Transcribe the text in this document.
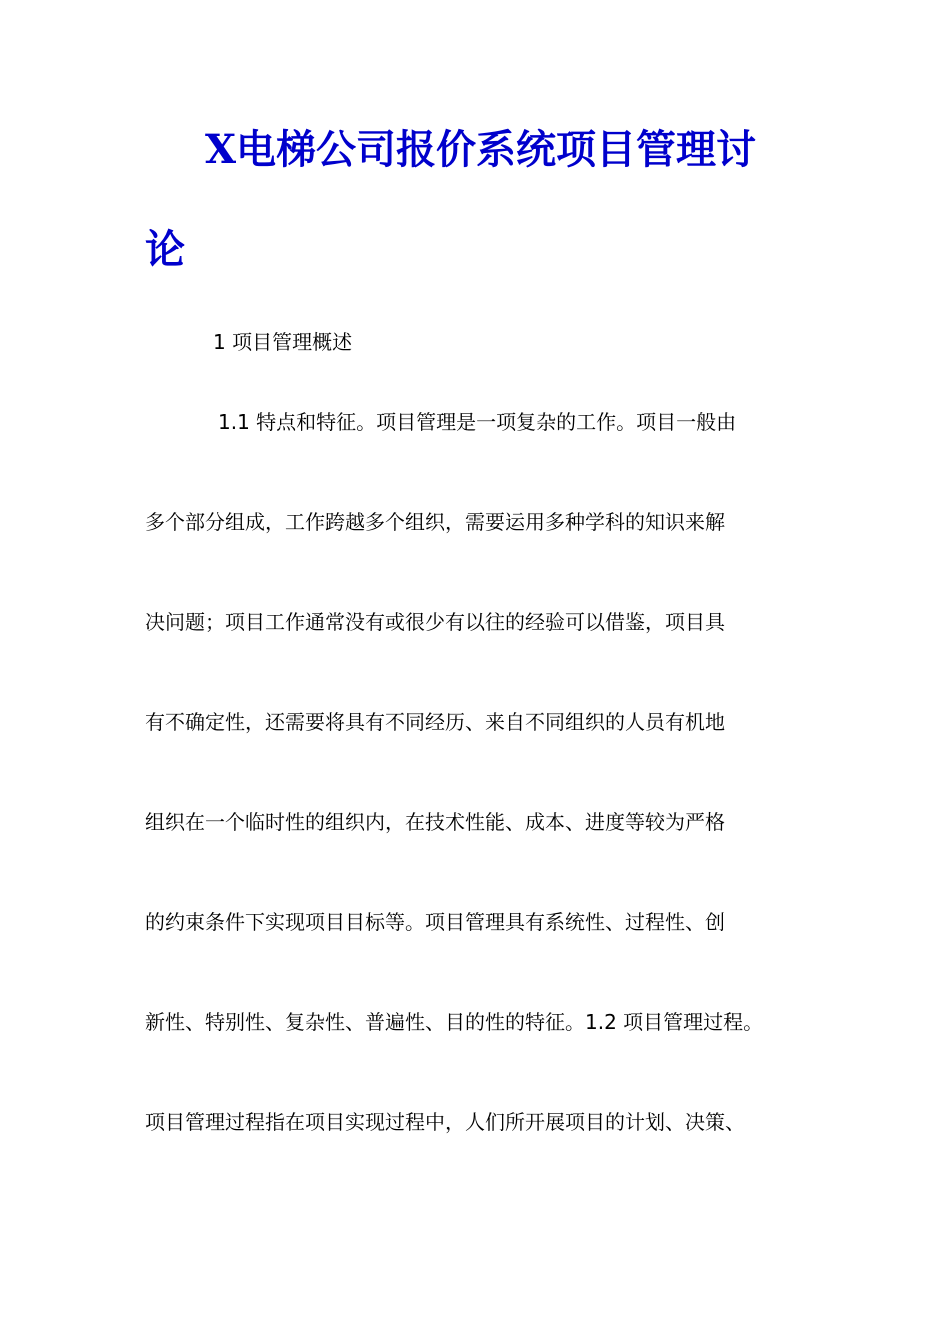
X电梯公司报价系统项目管理讨
论
1 项目管理概述
1.1 特点和特征。项目管理是一项复杂的工作。项目一般由
多个部分组成，工作跨越多个组织，需要运用多种学科的知识来解
决问题；项目工作通常没有或很少有以往的经验可以借鉴，项目具
有不确定性，还需要将具有不同经历、来自不同组织的人员有机地
组织在一个临时性的组织内，在技术性能、成本、进度等较为严格
的约束条件下实现项目目标等。项目管理具有系统性、过程性、创
新性、特别性、复杂性、普遍性、目的性的特征。1.2 项目管理过程。
项目管理过程指在项目实现过程中，人们所开展项目的计划、决策、
